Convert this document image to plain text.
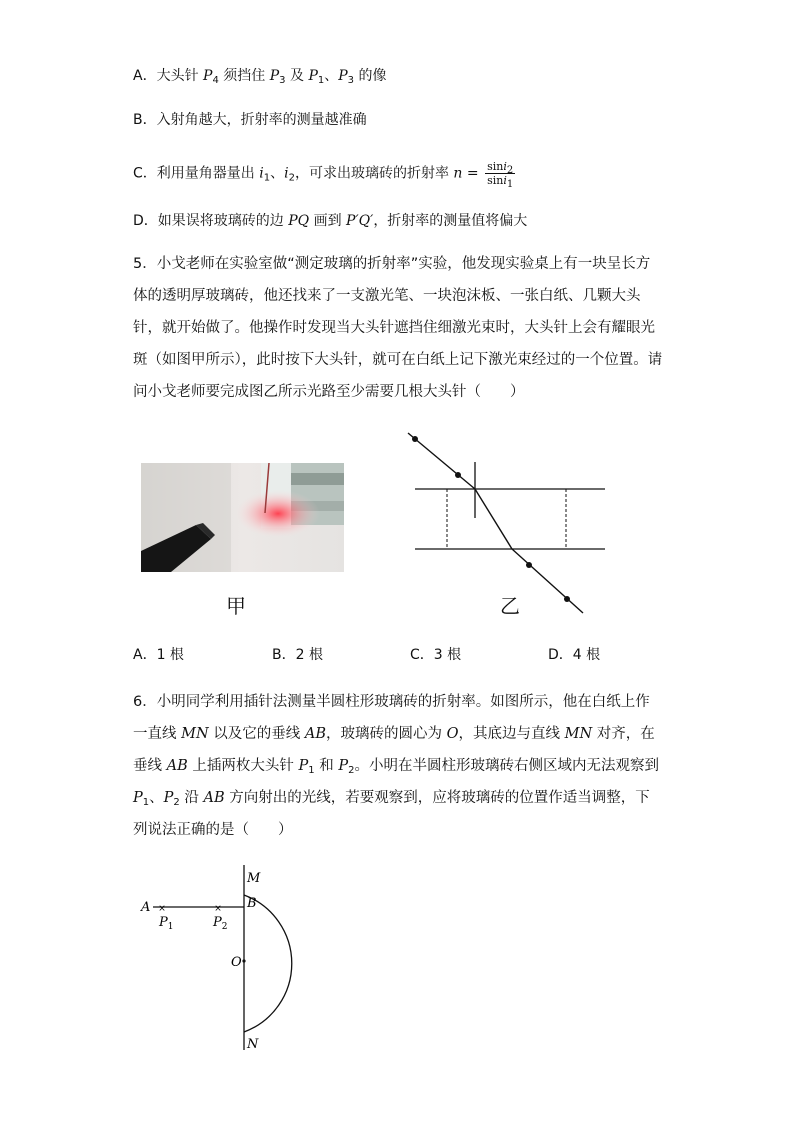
A．大头针 $P_4$ 须挡住 $P_3$ 及 $P_1$、$P_3$ 的像
B．入射角越大，折射率的测量越准确
C．利用量角器量出 $i_1$、$i_2$，可求出玻璃砖的折射率 $n = \frac{\sin i_2}{\sin i_1}$
D．如果误将玻璃砖的边 PQ 画到 P′Q′，折射率的测量值将偏大
5．小戈老师在实验室做“测定玻璃的折射率”实验，他发现实验桌上有一块呈长方体的透明厚玻璃砖，他还找来了一支激光笔、一块泡沫板、一张白纸、几颗大头针，就开始做了。他操作时发现当大头针遮挡住细激光束时，大头针上会有耀眼光斑（如图甲所示），此时按下大头针，就可在白纸上记下激光束经过的一个位置。请问小戈老师要完成图乙所示光路至少需要几根大头针（　　）
甲	乙
A．1 根	B．2 根	C．3 根	D．4 根
6．小明同学利用插针法测量半圆柱形玻璃砖的折射率。如图所示，他在白纸上作一直线 MN 以及它的垂线 AB，玻璃砖的圆心为 O，其底边与直线 MN 对齐，在垂线 AB 上插两枚大头针 $P_1$ 和 $P_2$。小明在半圆柱形玻璃砖右侧区域内无法观察到 $P_1$、$P_2$ 沿 AB 方向射出的光线，若要观察到，应将玻璃砖的位置作适当调整，下列说法正确的是（　　）
×	×
M
A	B
$P_1$	$P_2$
O
N
